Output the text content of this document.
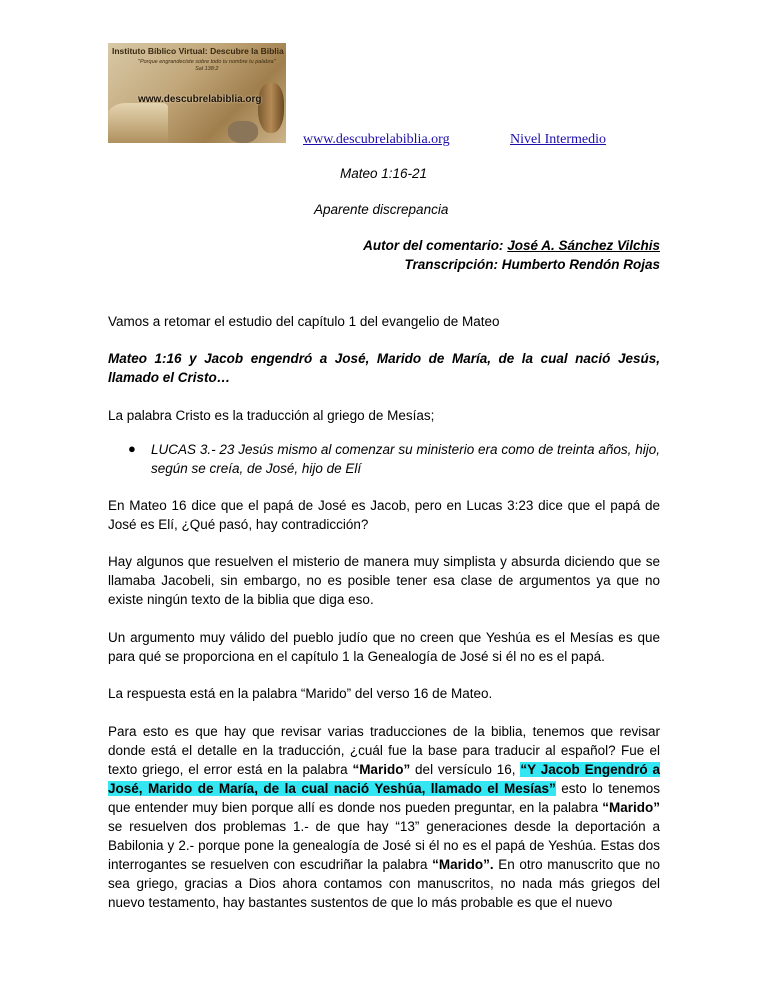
Instituto Bíblico Virtual: Descubre la Biblia
"Porque engrandeciste sobre todo tu nombre tu palabra"
Sal 138:2
www.descubrelabiblia.org
www.descubrelabiblia.org	Nivel Intermedio
Mateo 1:16-21
Aparente discrepancia
Autor del comentario: José A. Sánchez Vilchis
Transcripción: Humberto Rendón Rojas
Vamos a retomar el estudio del capítulo 1 del evangelio de Mateo
Mateo 1:16 y Jacob engendró a José, Marido de María, de la cual nació Jesús, llamado el Cristo…
La palabra Cristo es la traducción al griego de Mesías;
● LUCAS 3.- 23 Jesús mismo al comenzar su ministerio era como de treinta años, hijo, según se creía, de José, hijo de Elí
En Mateo 16 dice que el papá de José es Jacob, pero en Lucas 3:23 dice que el papá de José es Elí, ¿Qué pasó, hay contradicción?
Hay algunos que resuelven el misterio de manera muy simplista y absurda diciendo que se llamaba Jacobeli, sin embargo, no es posible tener esa clase de argumentos ya que no existe ningún texto de la biblia que diga eso.
Un argumento muy válido del pueblo judío que no creen que Yeshúa es el Mesías es que para qué se proporciona en el capítulo 1 la Genealogía de José si él no es el papá.
La respuesta está en la palabra “Marido” del verso 16 de Mateo.
Para esto es que hay que revisar varias traducciones de la biblia, tenemos que revisar donde está el detalle en la traducción, ¿cuál fue la base para traducir al español? Fue el texto griego, el error está en la palabra “Marido” del versículo 16, “Y Jacob Engendró a José, Marido de María, de la cual nació Yeshúa, llamado el Mesías” esto lo tenemos que entender muy bien porque allí es donde nos pueden preguntar, en la palabra “Marido” se resuelven dos problemas 1.- de que hay “13” generaciones desde la deportación a Babilonia y 2.- porque pone la genealogía de José si él no es el papá de Yeshúa. Estas dos interrogantes se resuelven con escudriñar la palabra “Marido”. En otro manuscrito que no sea griego, gracias a Dios ahora contamos con manuscritos, no nada más griegos del nuevo testamento, hay bastantes sustentos de que lo más probable es que el nuevo
